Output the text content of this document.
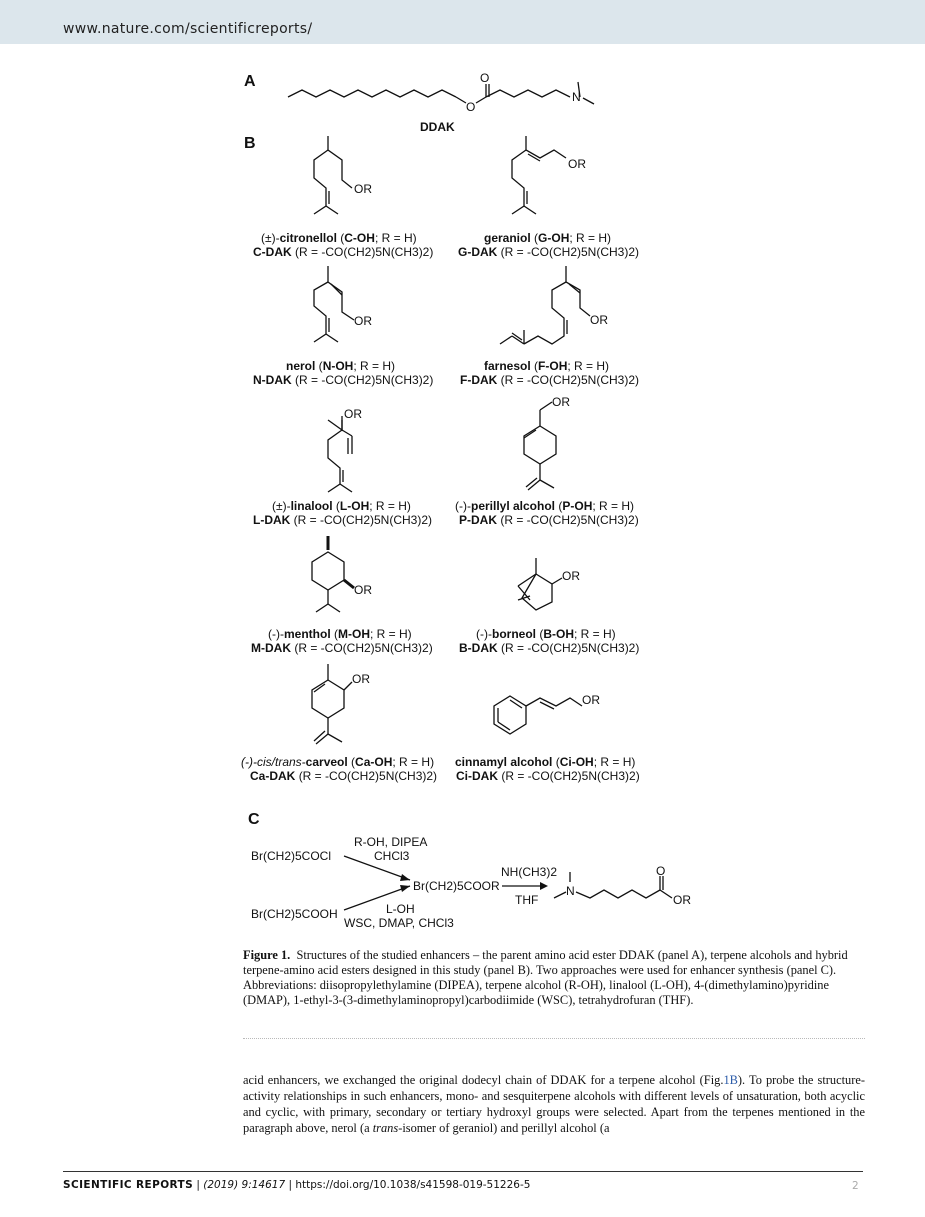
www.nature.com/scientificreports/
A
O
O
N
DDAK
B
OR
OR
OR	OR
OR
OR
OR
OR
OR
OR
(±)-citronellol (C-OH; R = H)
C-DAK (R = -CO(CH2)5N(CH3)2)
geraniol (G-OH; R = H)
G-DAK (R = -CO(CH2)5N(CH3)2)
nerol (N-OH; R = H)
N-DAK (R = -CO(CH2)5N(CH3)2)
farnesol (F-OH; R = H)
F-DAK (R = -CO(CH2)5N(CH3)2)
(±)-linalool (L-OH; R = H)
L-DAK (R = -CO(CH2)5N(CH3)2)
(-)-perillyl alcohol (P-OH; R = H)
P-DAK (R = -CO(CH2)5N(CH3)2)
(-)-menthol (M-OH; R = H)
M-DAK (R = -CO(CH2)5N(CH3)2)
(-)-borneol (B-OH; R = H)
B-DAK (R = -CO(CH2)5N(CH3)2)
(-)-cis/trans-carveol (Ca-OH; R = H)
Ca-DAK (R = -CO(CH2)5N(CH3)2)
cinnamyl alcohol (Ci-OH; R = H)
Ci-DAK (R = -CO(CH2)5N(CH3)2)
C
Br(CH2)5COCl
Br(CH2)5COOH
Br(CH2)5COOR
R-OH, DIPEA
CHCl3
L-OH
WSC, DMAP, CHCl3
NH(CH3)2
THF
N
O
OR
Figure 1. Structures of the studied enhancers – the parent amino acid ester DDAK (panel A), terpene alcohols and hybrid terpene-amino acid esters designed in this study (panel B). Two approaches were used for enhancer synthesis (panel C). Abbreviations: diisopropylethylamine (DIPEA), terpene alcohol (R-OH), linalool (L-OH), 4-(dimethylamino)pyridine (DMAP), 1-ethyl-3-(3-dimethylaminopropyl)carbodiimide (WSC), tetrahydrofuran (THF).
acid enhancers, we exchanged the original dodecyl chain of DDAK for a terpene alcohol (Fig.1B). To probe the structure-activity relationships in such enhancers, mono- and sesquiterpene alcohols with different levels of unsaturation, both acyclic and cyclic, with primary, secondary or tertiary hydroxyl groups were selected. Apart from the terpenes mentioned in the paragraph above, nerol (a trans-isomer of geraniol) and perillyl alcohol (a
SCIENTIFIC REPORTS | (2019) 9:14617 | https://doi.org/10.1038/s41598-019-51226-5	2
